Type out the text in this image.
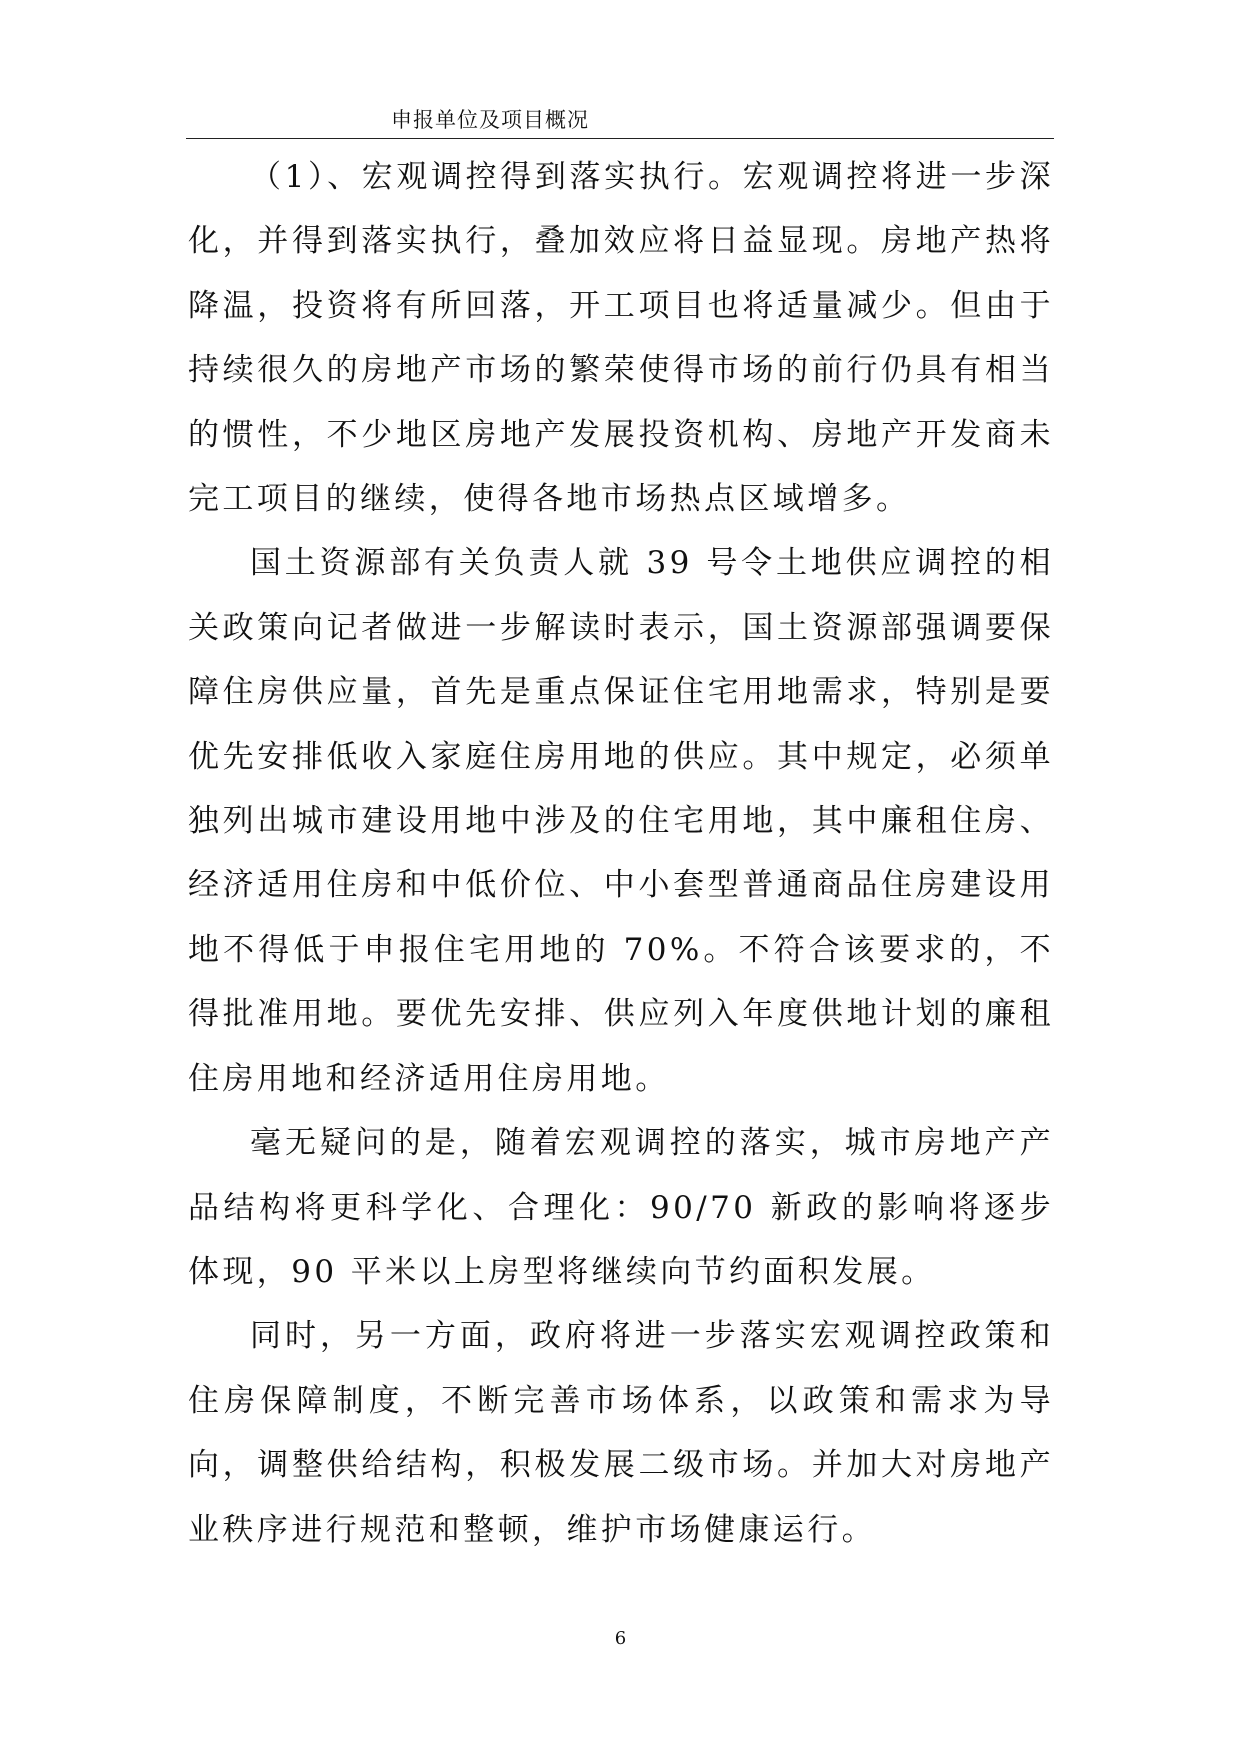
申报单位及项目概况

（1）、宏观调控得到落实执行。宏观调控将进一步深化，并得到落实执行，叠加效应将日益显现。房地产热将降温，投资将有所回落，开工项目也将适量减少。但由于持续很久的房地产市场的繁荣使得市场的前行仍具有相当的惯性，不少地区房地产发展投资机构、房地产开发商未完工项目的继续，使得各地市场热点区域增多。

国土资源部有关负责人就 39 号令土地供应调控的相关政策向记者做进一步解读时表示，国土资源部强调要保障住房供应量，首先是重点保证住宅用地需求，特别是要优先安排低收入家庭住房用地的供应。其中规定，必须单独列出城市建设用地中涉及的住宅用地，其中廉租住房、经济适用住房和中低价位、中小套型普通商品住房建设用地不得低于申报住宅用地的 70%。不符合该要求的，不得批准用地。要优先安排、供应列入年度供地计划的廉租住房用地和经济适用住房用地。

毫无疑问的是，随着宏观调控的落实，城市房地产产品结构将更科学化、合理化：90/70 新政的影响将逐步体现，90 平米以上房型将继续向节约面积发展。

同时，另一方面，政府将进一步落实宏观调控政策和住房保障制度，不断完善市场体系，以政策和需求为导向，调整供给结构，积极发展二级市场。并加大对房地产业秩序进行规范和整顿，维护市场健康运行。

6
